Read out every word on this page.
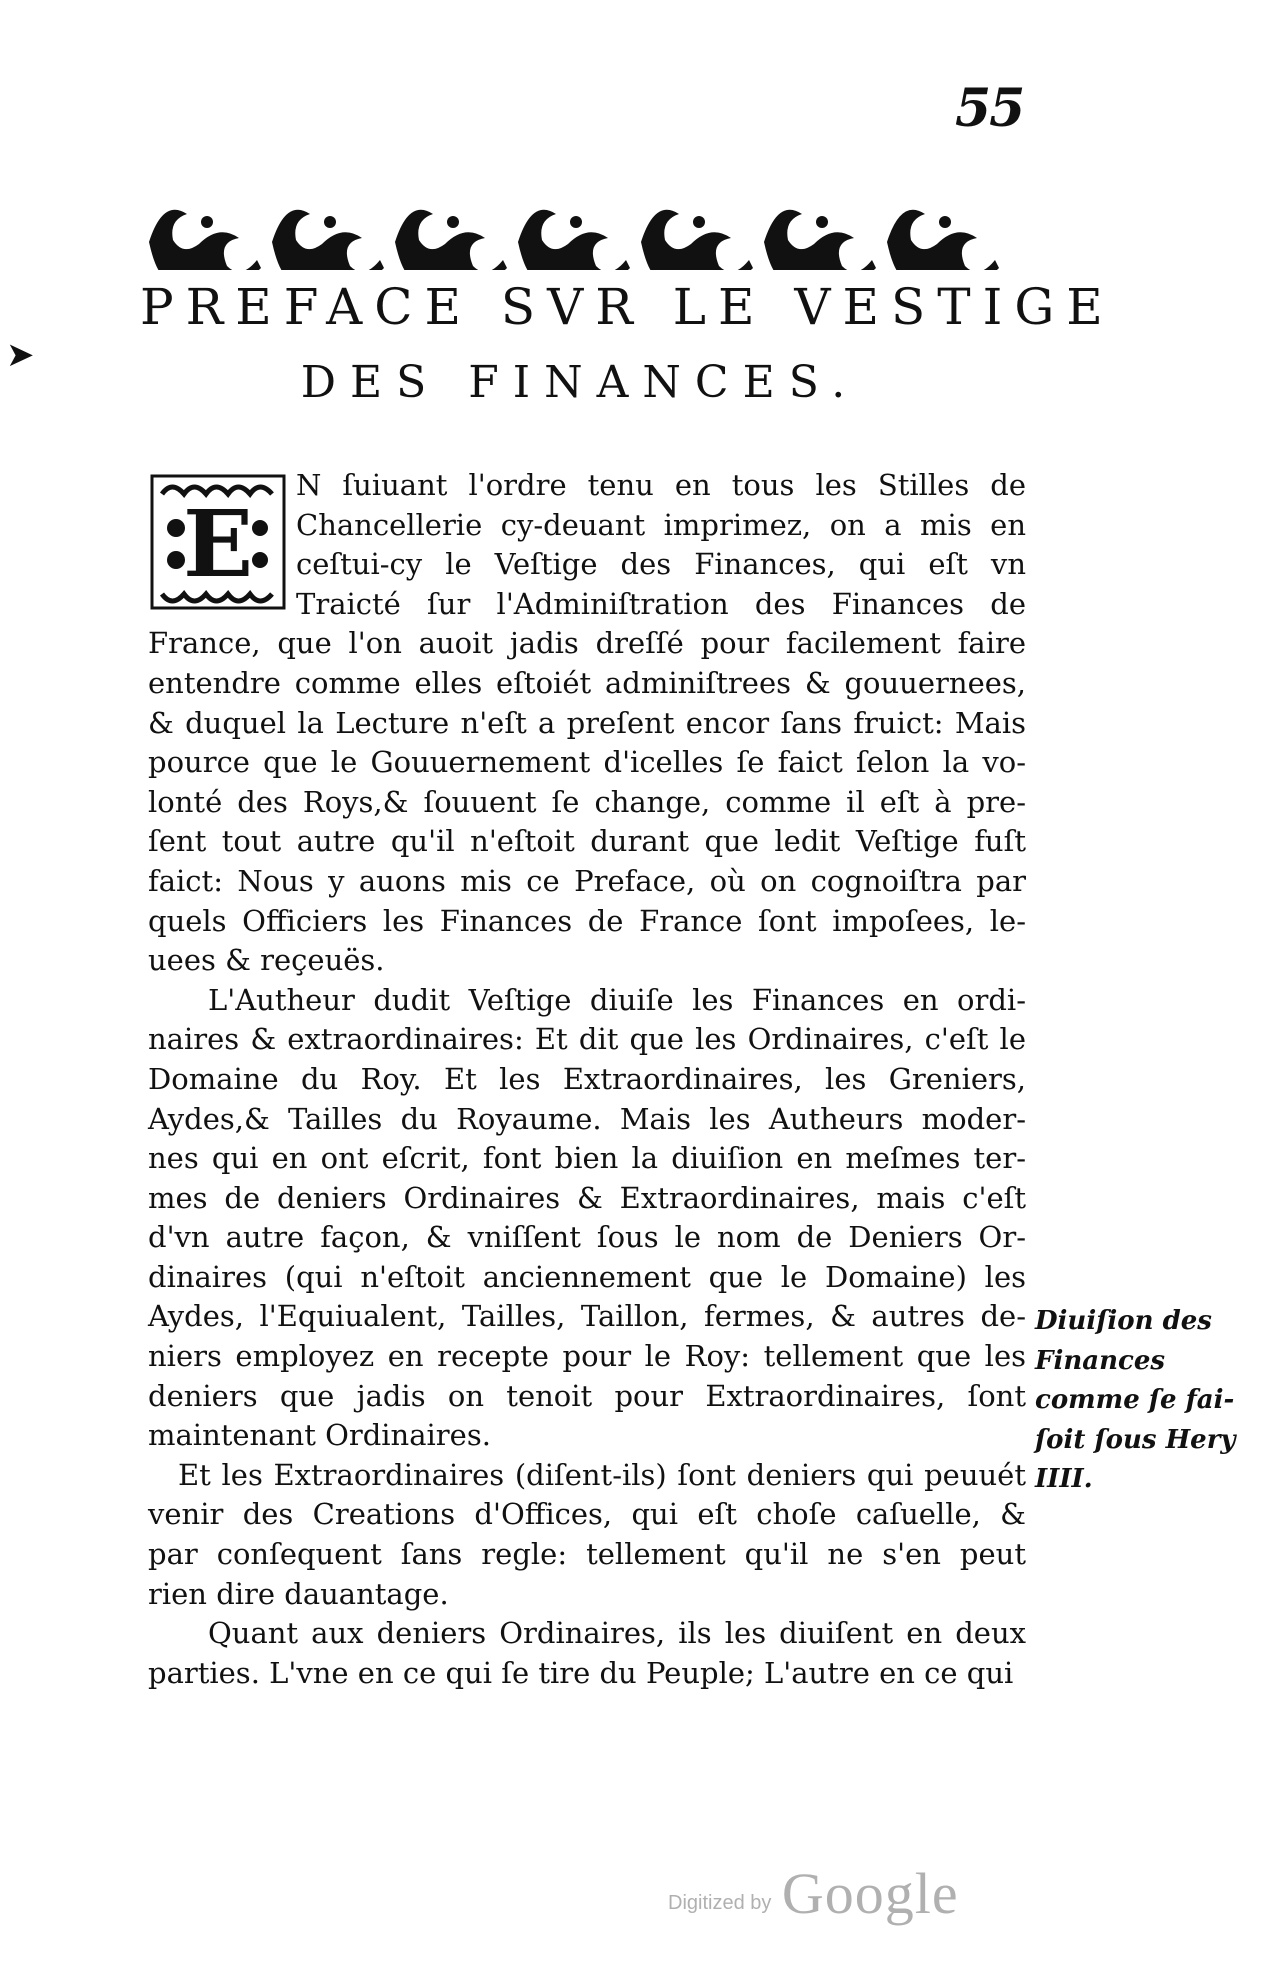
55
➤
PREFACE SVR LE VESTIGE
DES FINANCES.
E
N ſuiuant l'ordre tenu en tous les Stilles de
Chancellerie cy-deuant imprimez, on a mis en
ceſtui-cy le Veſtige des Finances, qui eſt vn
Traicté ſur l'Adminiſtration des Finances de
France, que l'on auoit jadis dreſſé pour facilement faire
entendre comme elles eſtoiét adminiſtrees & gouuernees,
& duquel la Lecture n'eſt a preſent encor ſans fruict: Mais
pource que le Gouuernement d'icelles ſe faict ſelon la vo-
lonté des Roys,& ſouuent ſe change, comme il eſt à pre-
ſent tout autre qu'il n'eſtoit durant que ledit Veſtige fuſt
faict: Nous y auons mis ce Preface, où on cognoiſtra par
quels Officiers les Finances de France ſont impoſees, le-
uees & reçeuës.
L'Autheur dudit Veſtige diuiſe les Finances en ordi-
naires & extraordinaires: Et dit que les Ordinaires, c'eſt le
Domaine du Roy. Et les Extraordinaires, les Greniers,
Aydes,& Tailles du Royaume. Mais les Autheurs moder-
nes qui en ont eſcrit, font bien la diuiſion en meſmes ter-
mes de deniers Ordinaires & Extraordinaires, mais c'eſt
d'vn autre façon, & vniſſent ſous le nom de Deniers Or-
dinaires (qui n'eſtoit anciennement que le Domaine) les
Aydes, l'Equiualent, Tailles, Taillon, fermes, & autres de-
niers employez en recepte pour le Roy: tellement que les
deniers que jadis on tenoit pour Extraordinaires, ſont
maintenant Ordinaires.
Et les Extraordinaires (diſent-ils) ſont deniers qui peuuét
venir des Creations d'Offices, qui eſt choſe caſuelle, &
par conſequent ſans regle: tellement qu'il ne s'en peut
rien dire dauantage.
Quant aux deniers Ordinaires, ils les diuiſent en deux
parties. L'vne en ce qui ſe tire du Peuple; L'autre en ce qui
Diuiſion des
Finances
comme ſe fai-
ſoit ſous Hery
IIII.
Digitized by Google
